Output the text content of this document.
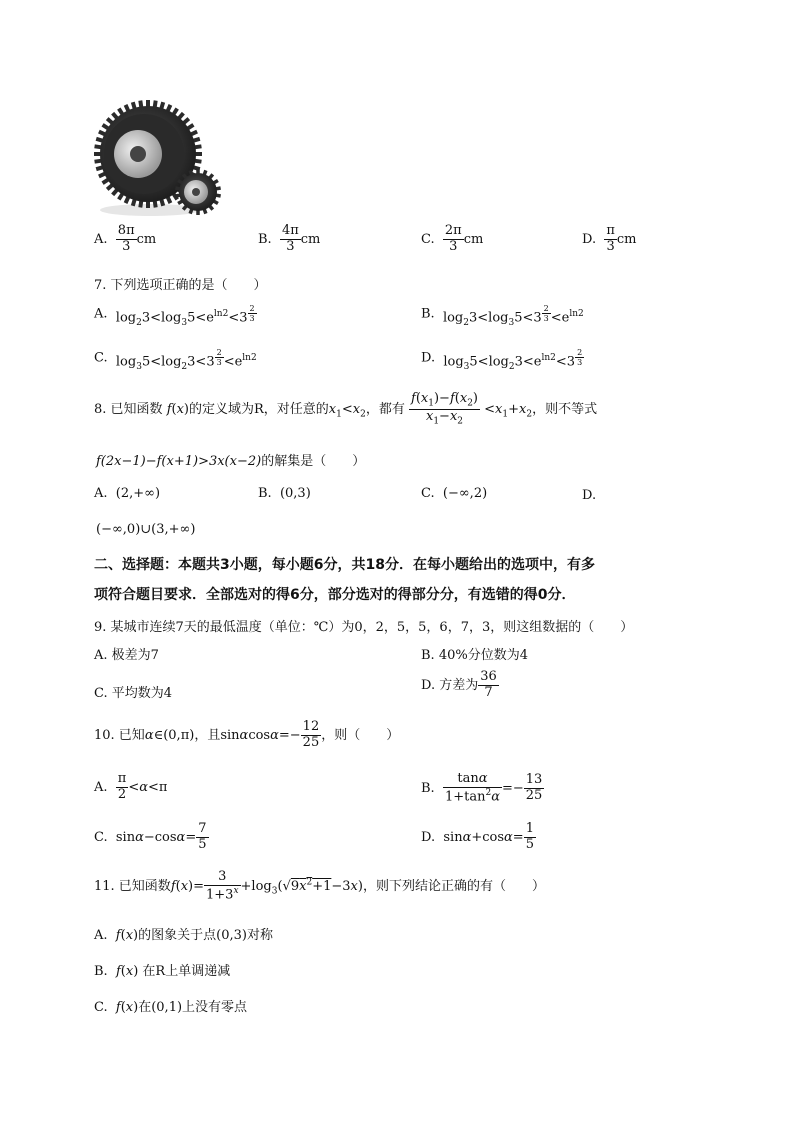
A. $\frac{8\pi}{3}$ cm	B. $\frac{4\pi}{3}$ cm	C. $\frac{2\pi}{3}$ cm	D. $\frac{\pi}{3}$ cm
7. 下列选项正确的是（　　）
A.  $\log_23<\log_35<e^{ln2}<3$ $^{\frac{2}{3}}$	B.  $\log_23<\log_35<3$ $^{\frac{2}{3}} <e^{ln2}$
C.  $\log_35<\log_23<3$ $^{\frac{2}{3}} <e^{ln2}$	D.  $\log_35<\log_23<e^{ln2}<3$ $^{\frac{2}{3}}$
8. 已知函数 f(x)的定义域为R，对任意的$x_1<x_2$，都有 $\frac{f(x_1)-f(x_2)}{x_1-x_2} <x_1+x_2$，则不等式
f(2x−1)−f(x+1)>3x(x−2)的解集是（　　）
A. (2,+∞)	B. (0,3)	C. (−∞,2)	D.
(−∞,0)∪(3,+∞)
二、选择题：本题共3小题，每小题6分，共18分．在每小题给出的选项中，有多
项符合题目要求．全部选对的得6分，部分选对的得部分分，有选错的得0分．
9. 某城市连续7天的最低温度（单位：℃）为0，2，5，5，6，7，3，则这组数据的（　　）
A. 极差为7	B. 40%分位数为4
C. 平均数为4
D. 方差为 $\frac{36}{7}$
10. 已知α∈(0,π)，且$\sin\alpha\cos\alpha=- \frac{12}{25}$ ，则（　　）
A. $\frac{\pi}{2} <\alpha<\pi$	B. $\frac{\tan\alpha}{1+\tan^2\alpha} =- \frac{13}{25}$
C.  $\sin\alpha-\cos\alpha= \frac{7}{5}$	D.  $\sin\alpha+\cos\alpha= \frac{1}{5}$
11. 已知函数$f(x)= \frac{3}{1+3^x} +\log_3(√9x^2+1-3x)$，则下列结论正确的有（　　）
A. f(x)的图象关于点(0,3)对称
B. f(x) 在R上单调递减
C. f(x)在(0,1)上没有零点
